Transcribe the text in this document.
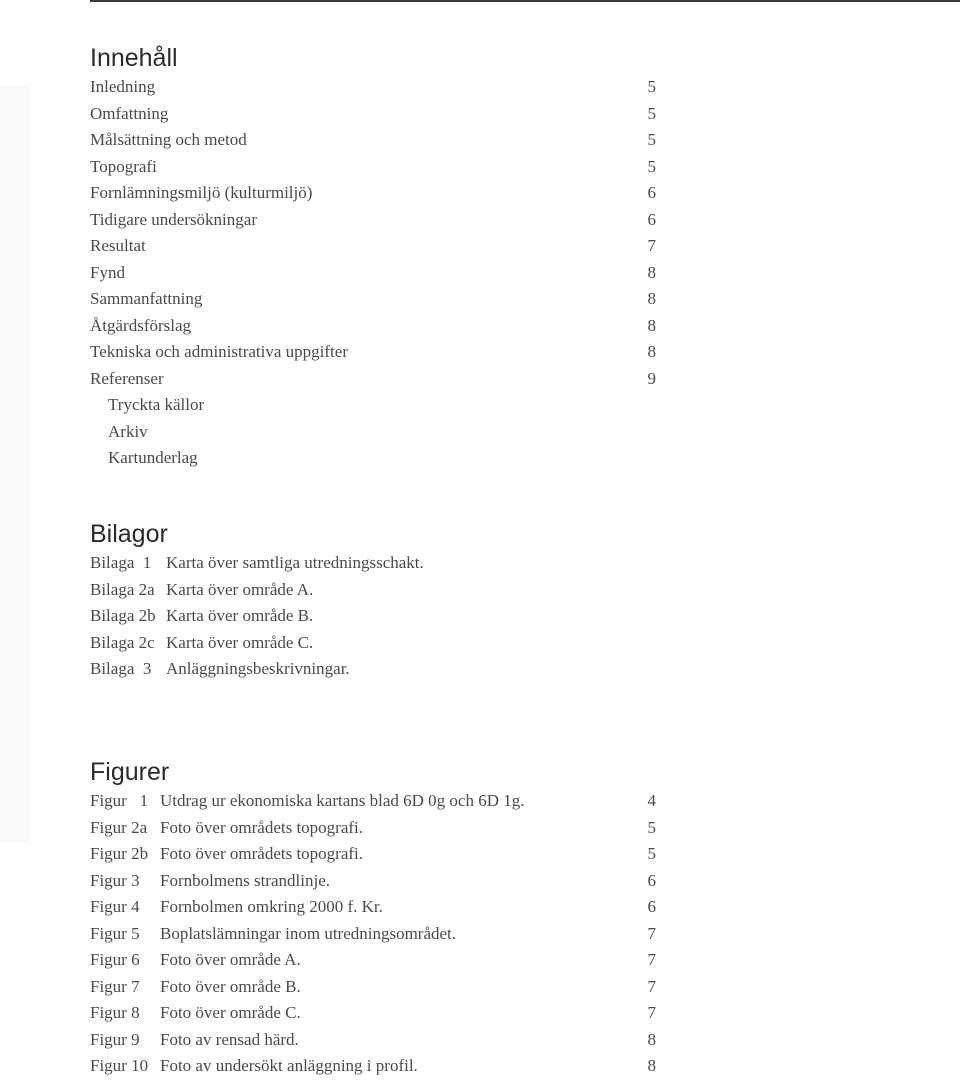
Innehåll
Inledning	5
Omfattning	5
Målsättning och metod	5
Topografi	5
Fornlämningsmiljö (kulturmiljö)	6
Tidigare undersökningar	6
Resultat	7
Fynd	8
Sammanfattning	8
Åtgärdsförslag	8
Tekniska och administrativa uppgifter	8
Referenser	9
Tryckta källor
Arkiv
Kartunderlag
Bilagor
Bilaga  1 Karta över samtliga utredningsschakt.
Bilaga 2a Karta över område A.
Bilaga 2b Karta över område B.
Bilaga 2c Karta över område C.
Bilaga  3 Anläggningsbeskrivningar.
Figurer
Figur   1 Utdrag ur ekonomiska kartans blad 6D 0g och 6D 1g.	4
Figur 2a Foto över områdets topografi.	5
Figur 2b Foto över områdets topografi.	5
Figur 3 Fornbolmens strandlinje.	6
Figur 4 Fornbolmen omkring 2000 f. Kr.	6
Figur 5 Boplatslämningar inom utredningsområdet.	7
Figur 6 Foto över område A.	7
Figur 7 Foto över område B.	7
Figur 8 Foto över område C.	7
Figur 9 Foto av rensad härd.	8
Figur 10 Foto av undersökt anläggning i profil.	8
